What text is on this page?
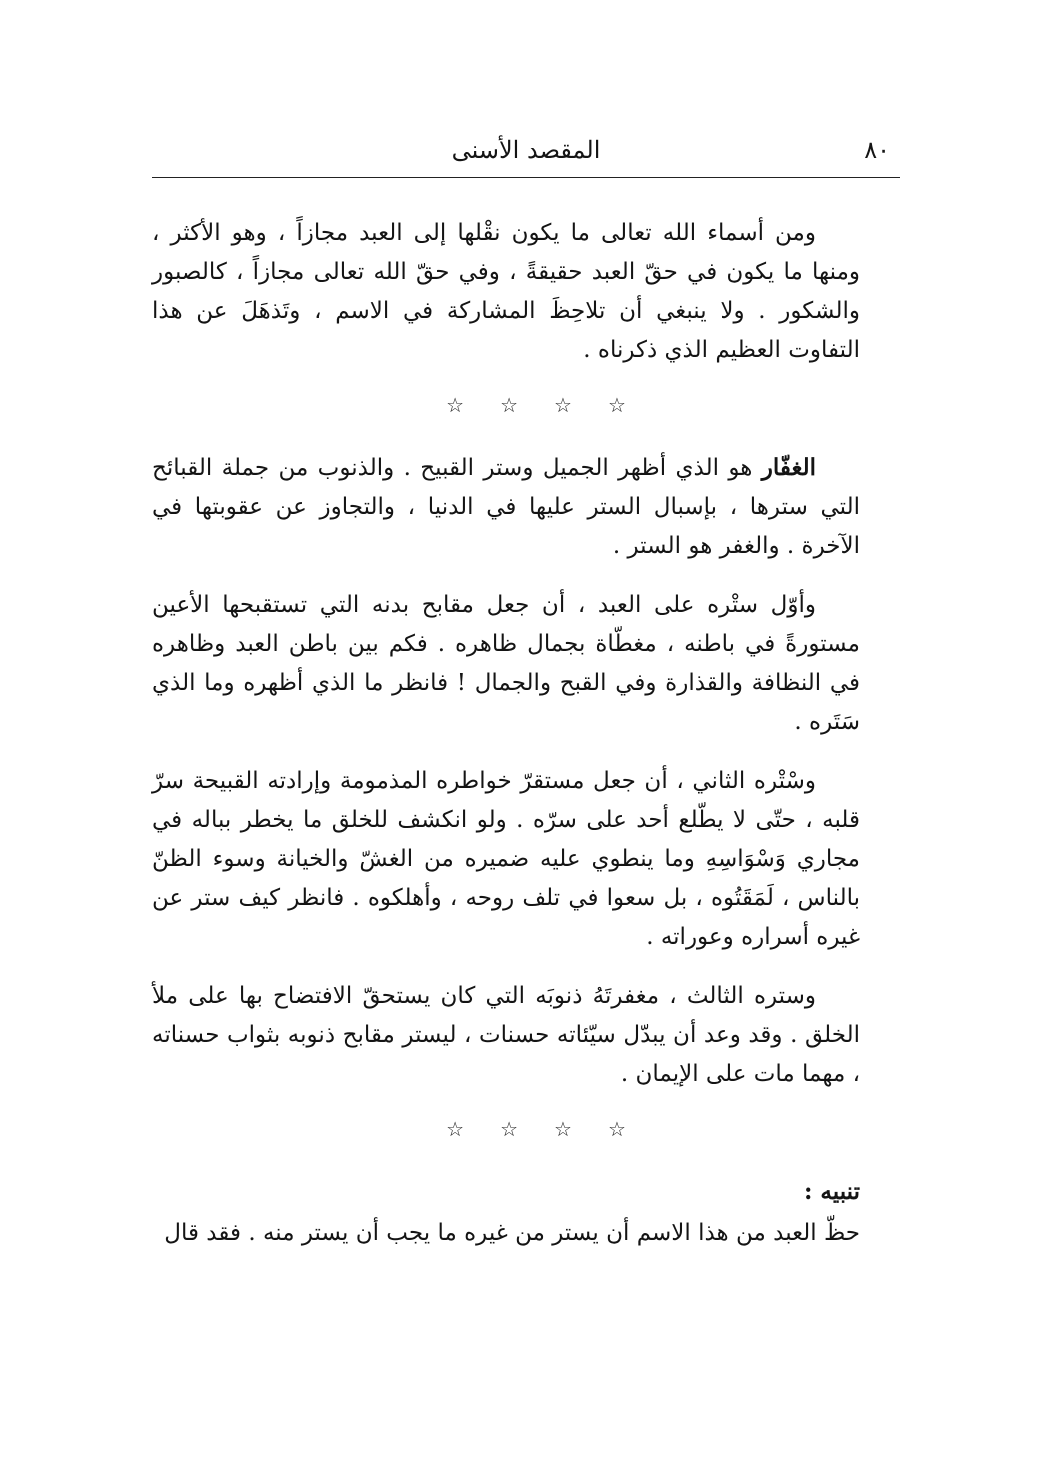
٨٠
المقصد الأسنى

ومن أسماء الله تعالى ما يكون نقْلها إلى العبد مجازاً ، وهو الأكثر ، ومنها ما يكون في حقّ العبد حقيقةً ، وفي حقّ الله تعالى مجازاً ، كالصبور والشكور . ولا ينبغي أن تلاحِظَ المشاركة في الاسم ، وتَذهَلَ عن هذا التفاوت العظيم الذي ذكرناه .

☆
☆
☆
☆

الغفّار هو الذي أظهر الجميل وستر القبيح . والذنوب من جملة القبائح التي سترها ، بإسبال الستر عليها في الدنيا ، والتجاوز عن عقوبتها في الآخرة . والغفر هو الستر .

وأوّل ستْره على العبد ، أن جعل مقابح بدنه التي تستقبحها الأعين مستورةً في باطنه ، مغطّاة بجمال ظاهره . فكم بين باطن العبد وظاهره في النظافة والقذارة وفي القبح والجمال ! فانظر ما الذي أظهره وما الذي سَتَره .

وسْتْره الثاني ، أن جعل مستقرّ خواطره المذمومة وإرادته القبيحة سرّ قلبه ، حتّى لا يطّلع أحد على سرّه . ولو انكشف للخلق ما يخطر بباله في مجاري وَسْوَاسِهِ وما ينطوي عليه ضميره من الغشّ والخيانة وسوء الظنّ بالناس ، لَمَقَتُوه ، بل سعوا في تلف روحه ، وأهلكوه . فانظر كيف ستر عن غيره أسراره وعوراته .

وستره الثالث ، مغفرتَهُ ذنوبَه التي كان يستحقّ الافتضاح بها على ملأ الخلق . وقد وعد أن يبدّل سيّئاته حسنات ، ليستر مقابح ذنوبه بثواب حسناته ، مهما مات على الإيمان .

☆
☆
☆
☆
تنبيه :

حظّ العبد من هذا الاسم أن يستر من غيره ما يجب أن يستر منه . فقد قال
